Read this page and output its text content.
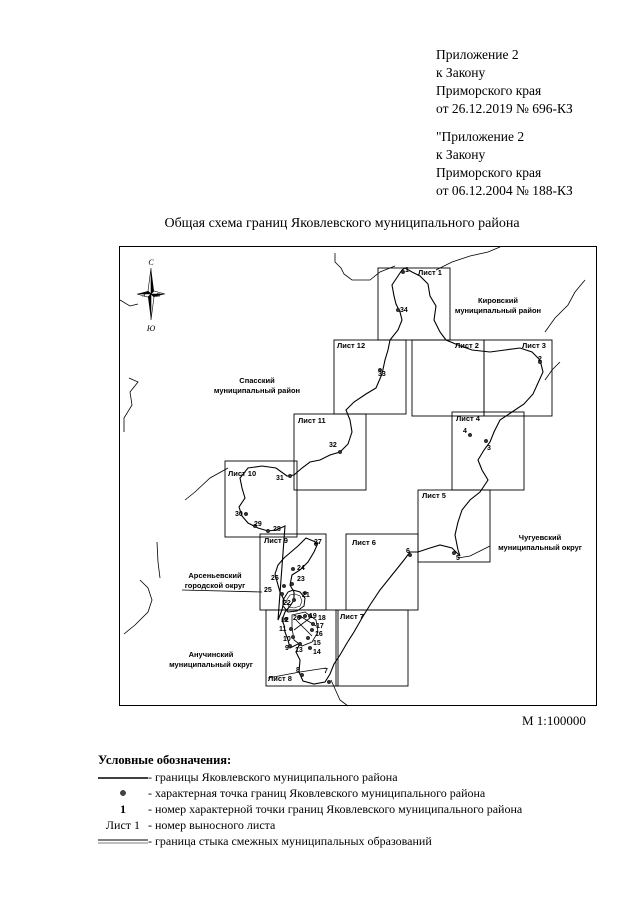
Приложение 2
к Закону
Приморского края
от 26.12.2019 № 696-КЗ
"Приложение 2
к Закону
Приморского края
от 06.12.2004 № 188-КЗ
Общая схема границ Яковлевского муниципального района
С
Ю
З В
Лист 1
Лист 2	Лист 3
Лист 4
Лист 5
Лист 6
Лист 7
Лист 8
Лист 9
Лист 10
Лист 11
Лист 12
Кировский
муниципальный район
Спасский
муниципальный район
Чугуевский
муниципальный округ
Арсеньевский
городской округ
Анучинский
муниципальный округ
1
2
3
4
5
6
7
8
9
10
11
12
13 14
15
16
17
18
19
20
21
22
23
24
25
26
27
28
29
30
31
32
33
34
М 1:100000
Условные обозначения:
- границы Яковлевского муниципального района
- характерная точка границ Яковлевского муниципального района
1	- номер характерной точки границ Яковлевского муниципального района
Лист 1 - номер выносного листа
- граница стыка смежных муниципальных образований
